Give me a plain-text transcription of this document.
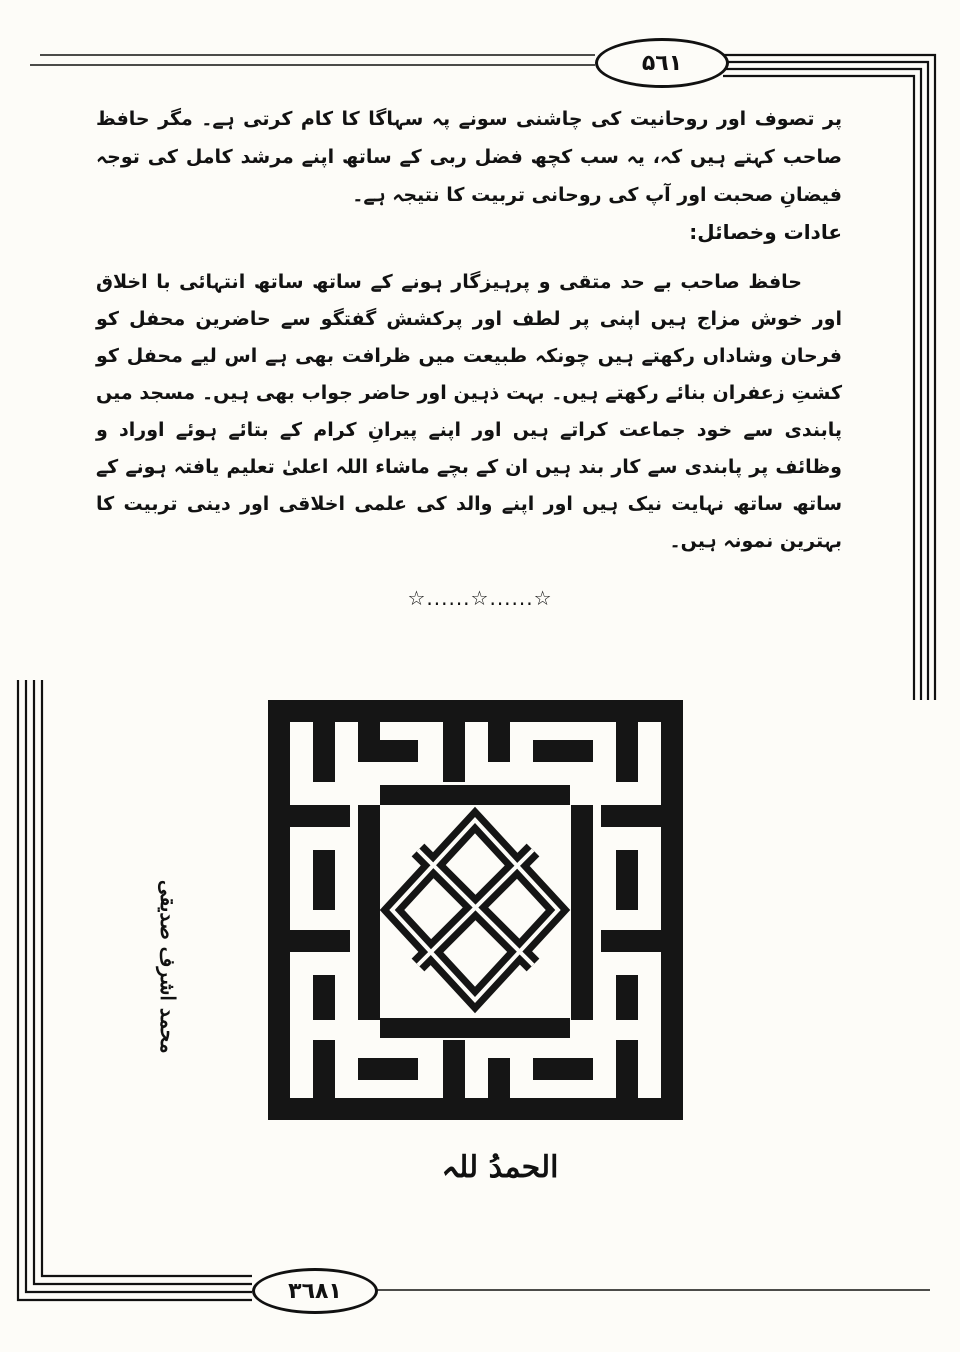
۵٦١
پر تصوف اور روحانیت کی چاشنی سونے پہ سہاگا کا کام کرتی ہے۔ مگر حافظ صاحب کہتے ہیں کہ، یہ سب کچھ فضل ربی کے ساتھ اپنے مرشد کامل کی توجہ فیضانِ صحبت اور آپ کی روحانی تربیت کا نتیجہ ہے۔
عادات وخصائل:
حافظ صاحب بے حد متقی و پرہیزگار ہونے کے ساتھ ساتھ انتہائی با اخلاق اور خوش مزاج ہیں اپنی پر لطف اور پرکشش گفتگو سے حاضرین محفل کو فرحان وشاداں رکھتے ہیں چونکہ طبیعت میں ظرافت بھی ہے اس لیے محفل کو کشتِ زعفران بنائے رکھتے ہیں۔ بہت ذہین اور حاضر جواب بھی ہیں۔ مسجد میں پابندی سے خود جماعت کراتے ہیں اور اپنے پیرانِ کرام کے بتائے ہوئے اوراد و وظائف پر پابندی سے کار بند ہیں ان کے بچے ماشاء اللہ اعلیٰ تعلیم یافتہ ہونے کے ساتھ ساتھ نہایت نیک ہیں اور اپنے والد کی علمی اخلاقی اور دینی تربیت کا بہترین نمونہ ہیں۔
☆......☆......☆
محمد اشرف صدیقی
الحمدُ للہ
۳٦٨١
